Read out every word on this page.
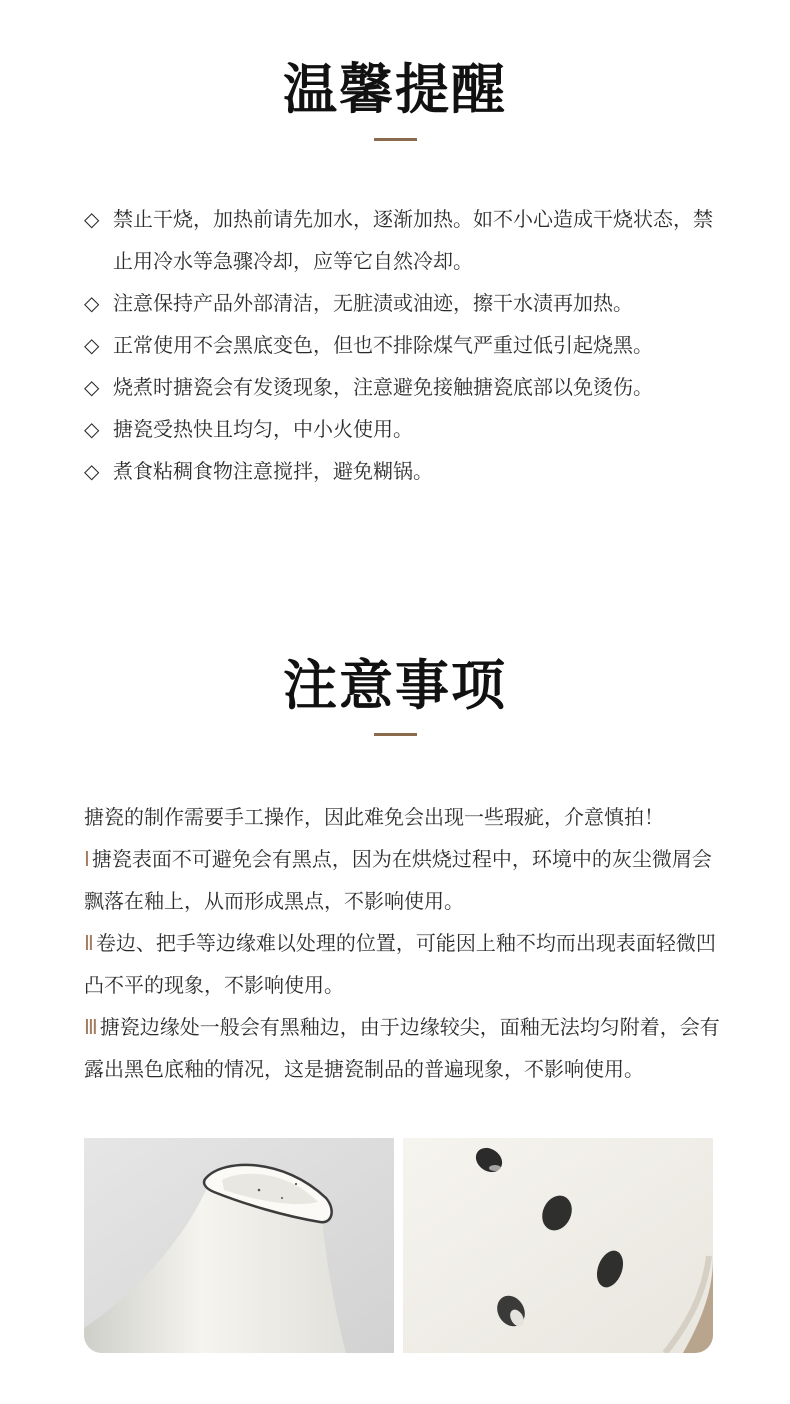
温馨提醒
◇ 禁止干烧，加热前请先加水，逐渐加热。如不小心造成干烧状态，禁止用冷水等急骤冷却，应等它自然冷却。
◇ 注意保持产品外部清洁，无脏渍或油迹，擦干水渍再加热。
◇ 正常使用不会黑底变色，但也不排除煤气严重过低引起烧黑。
◇ 烧煮时搪瓷会有发烫现象，注意避免接触搪瓷底部以免烫伤。
◇ 搪瓷受热快且均匀，中小火使用。
◇ 煮食粘稠食物注意搅拌，避免糊锅。
注意事项

搪瓷的制作需要手工操作，因此难免会出现一些瑕疵，介意慎拍！

Ⅰ 搪瓷表面不可避免会有黑点，因为在烘烧过程中，环境中的灰尘微屑会飘落在釉上，从而形成黑点，不影响使用。

Ⅱ 卷边、把手等边缘难以处理的位置，可能因上釉不均而出现表面轻微凹凸不平的现象，不影响使用。

Ⅲ 搪瓷边缘处一般会有黑釉边，由于边缘较尖，面釉无法均匀附着，会有露出黑色底釉的情况，这是搪瓷制品的普遍现象，不影响使用。
